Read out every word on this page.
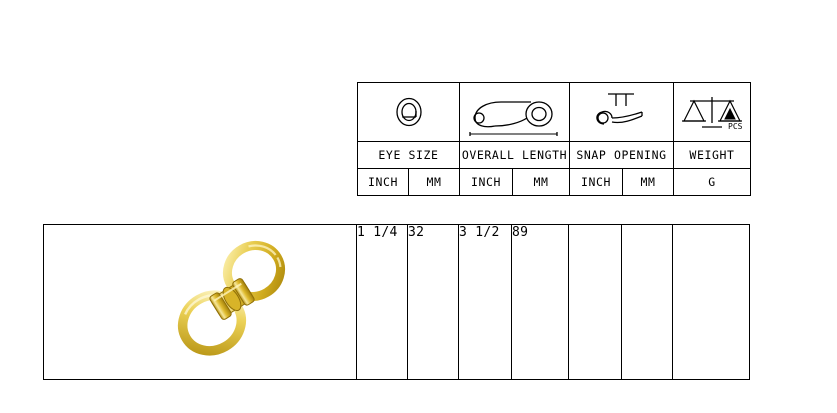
PCS

EYE SIZE		OVERALL LENGTH		SNAP OPENING		WEIGHT
INCH	MM	INCH	MM	INCH	MM	G
	1 1/4	32	3 1/2	89			
